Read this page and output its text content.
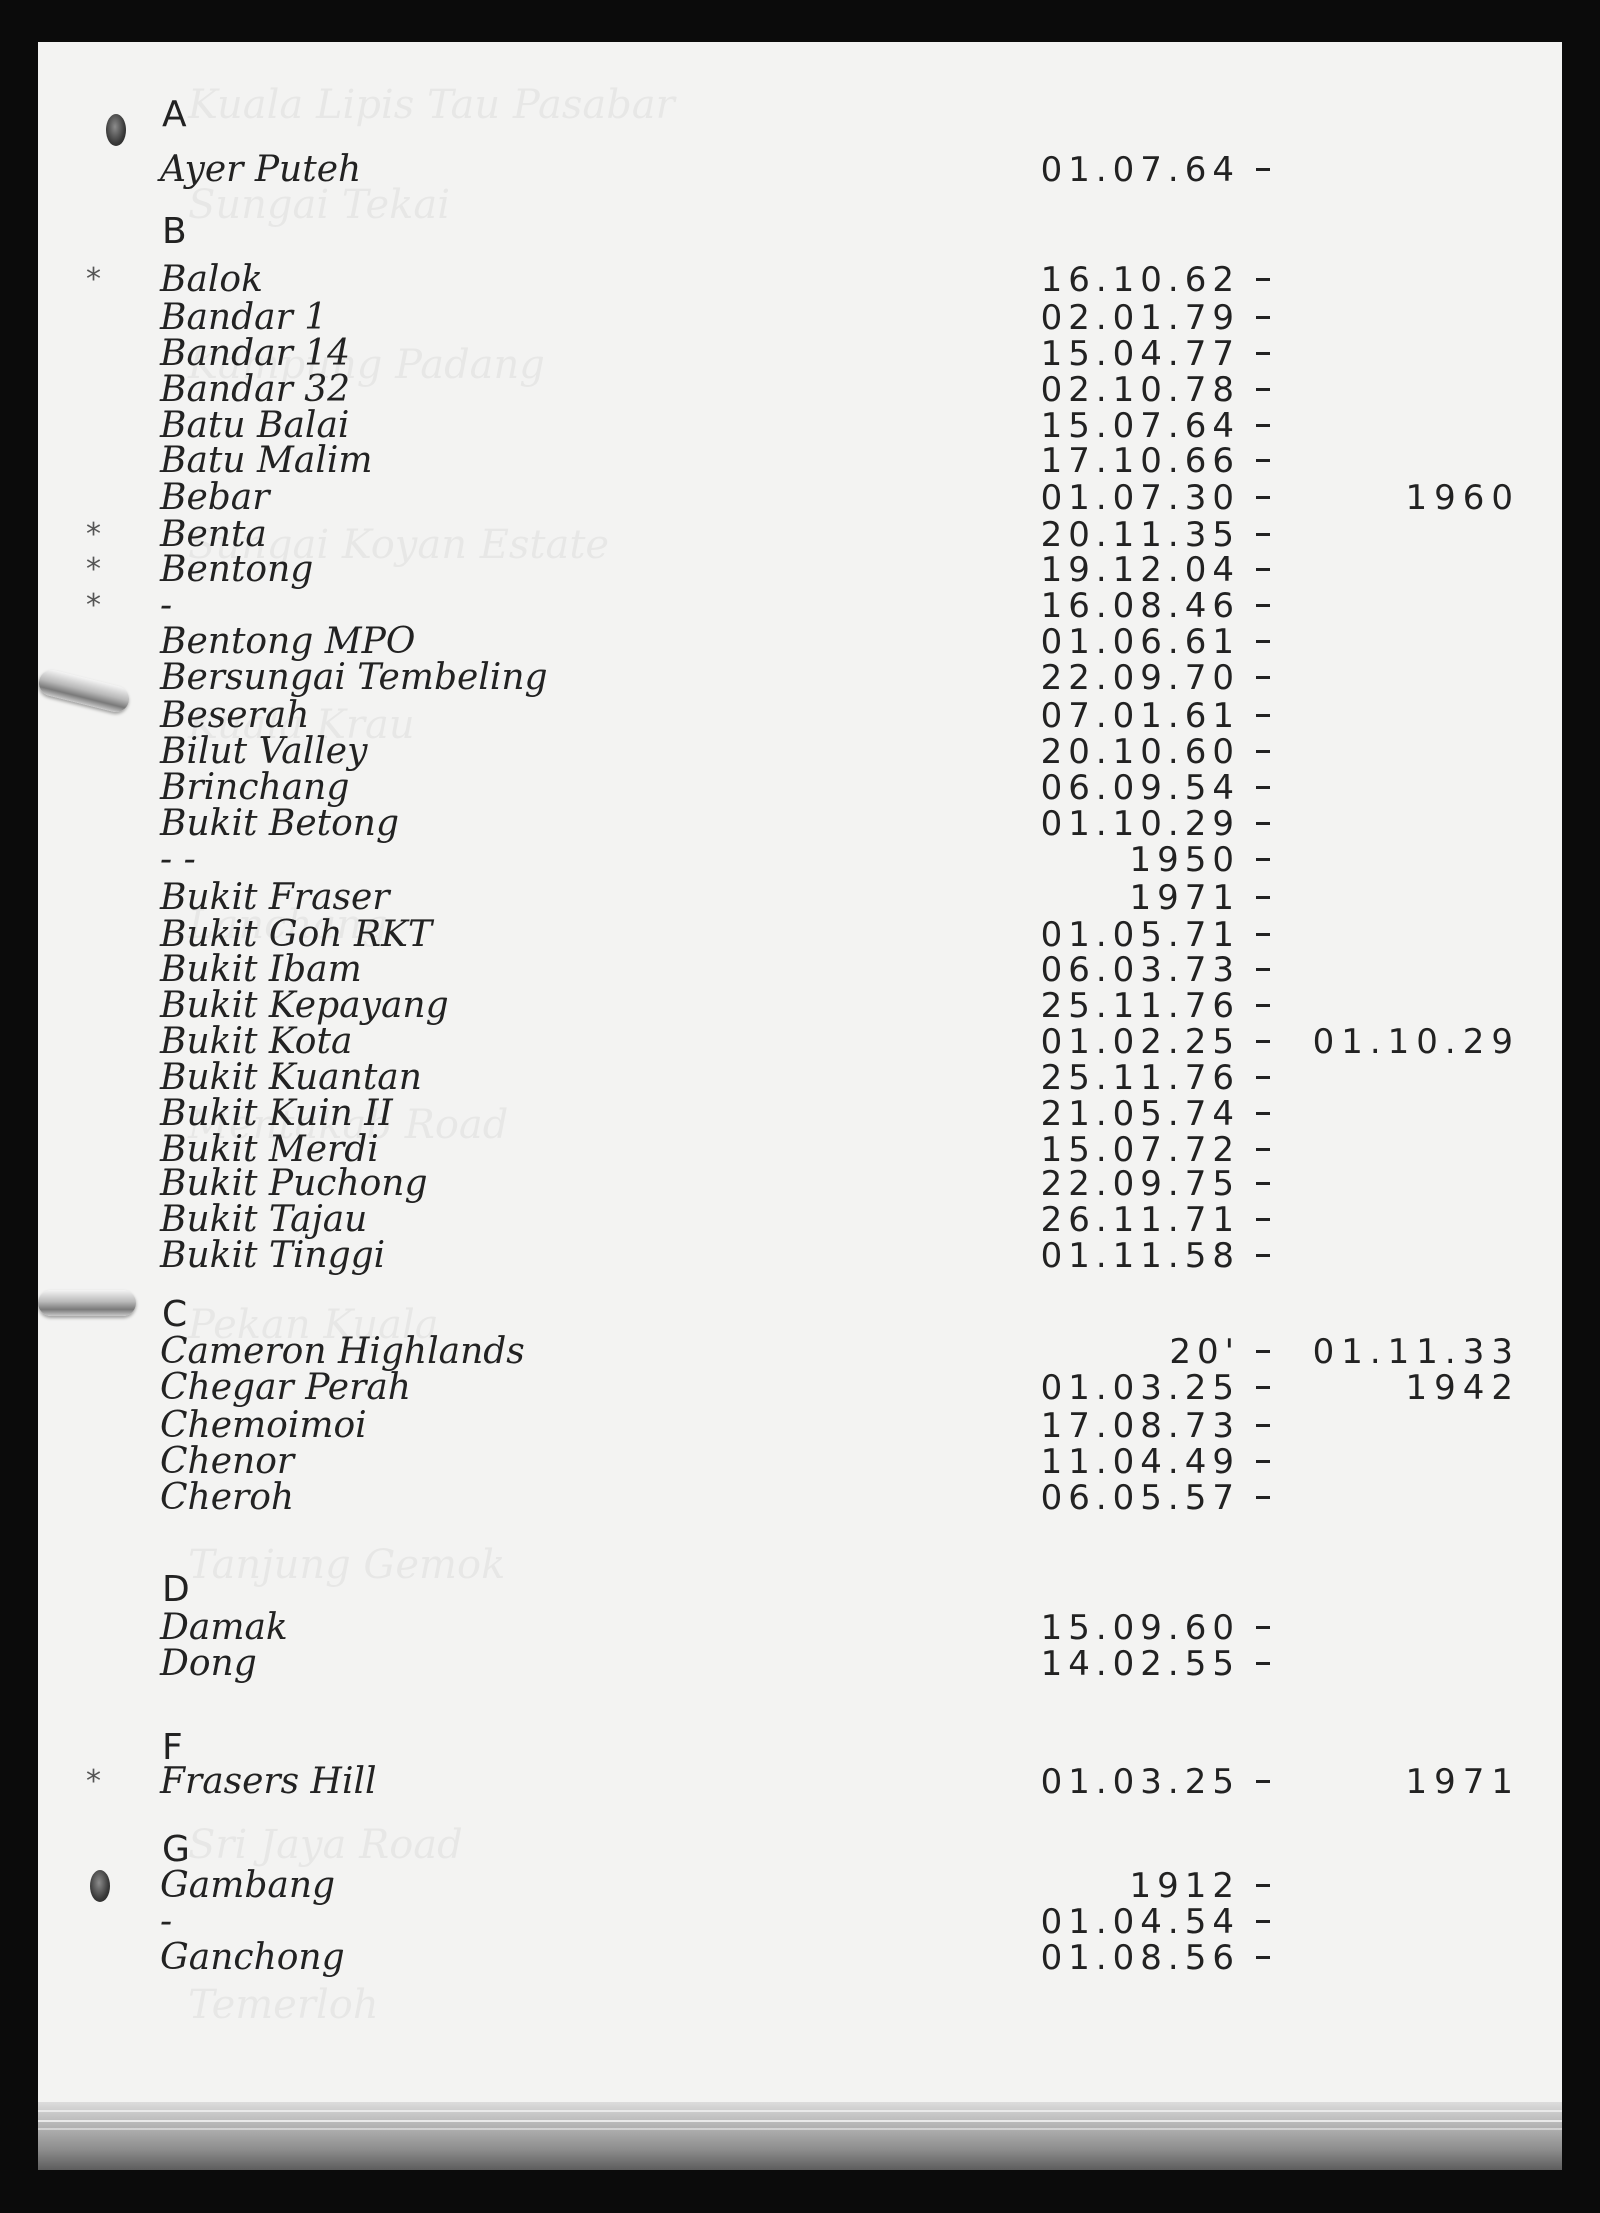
A
Ayer Puteh	01.07.64
B
* Balok	16.10.62
Bandar 1	02.01.79
Bandar 14	15.04.77
Bandar 32	02.10.78
Batu Balai	15.07.64
Batu Malim	17.10.66
Bebar	01.07.30	1960
* Benta	20.11.35
* Bentong	19.12.04
* -	16.08.46
Bentong MPO	01.06.61
Bersungai Tembeling	22.09.70
Beserah	07.01.61
Bilut Valley	20.10.60
Brinchang	06.09.54
Bukit Betong	01.10.29
- -	1950
Bukit Fraser	1971
Bukit Goh RKT	01.05.71
Bukit Ibam	06.03.73
Bukit Kepayang	25.11.76
Bukit Kota	01.02.25 01.10.29
Bukit Kuantan	25.11.76
Bukit Kuin II	21.05.74
Bukit Merdi	15.07.72
Bukit Puchong	22.09.75
Bukit Tajau	26.11.71
Bukit Tinggi	01.11.58
C
Cameron Highlands	20' 01.11.33
Chegar Perah	01.03.25	1942
Chemoimoi	17.08.73
Chenor	11.04.49
Cheroh	06.05.57
D
Damak	15.09.60
Dong	14.02.55
F
* Frasers Hill	01.03.25	1971
G
Gambang	1912
-	01.04.54
Ganchong	01.08.56
